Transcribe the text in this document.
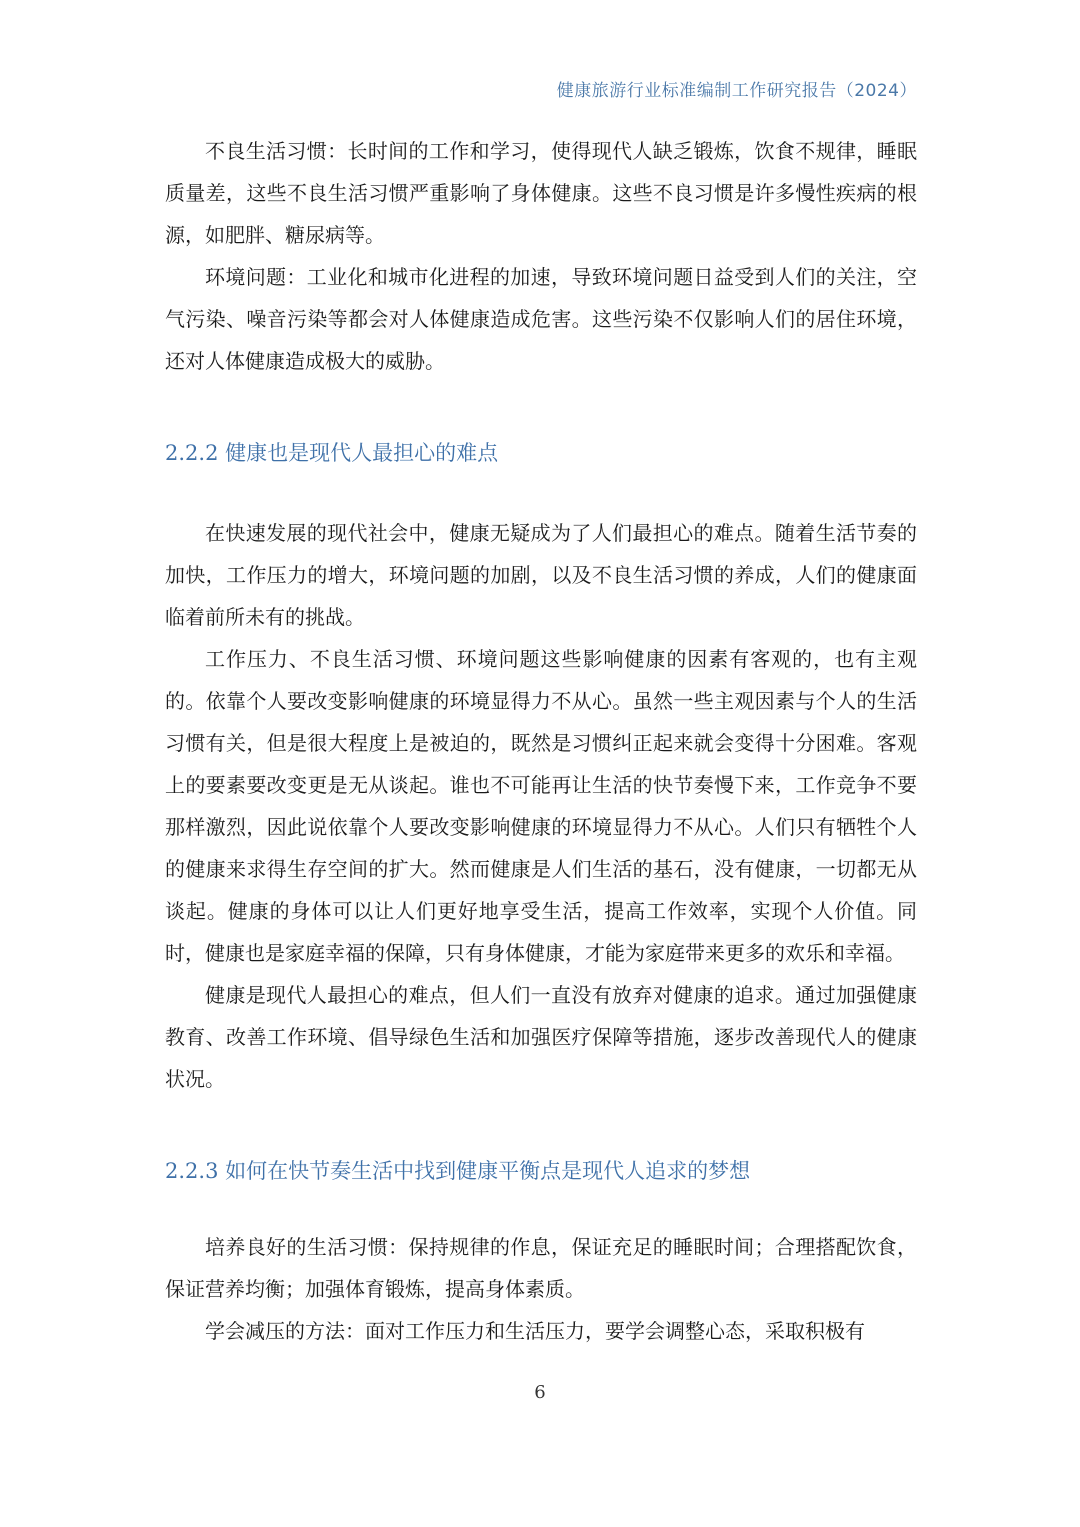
健康旅游行业标准编制工作研究报告（2024）

不良生活习惯：长时间的工作和学习，使得现代人缺乏锻炼，饮食不规律，睡眠质量差，这些不良生活习惯严重影响了身体健康。这些不良习惯是许多慢性疾病的根源，如肥胖、糖尿病等。

环境问题：工业化和城市化进程的加速，导致环境问题日益受到人们的关注，空气污染、噪音污染等都会对人体健康造成危害。这些污染不仅影响人们的居住环境，还对人体健康造成极大的威胁。

2.2.2 健康也是现代人最担心的难点

在快速发展的现代社会中，健康无疑成为了人们最担心的难点。随着生活节奏的加快，工作压力的增大，环境问题的加剧，以及不良生活习惯的养成，人们的健康面临着前所未有的挑战。

工作压力、不良生活习惯、环境问题这些影响健康的因素有客观的，也有主观的。依靠个人要改变影响健康的环境显得力不从心。虽然一些主观因素与个人的生活习惯有关，但是很大程度上是被迫的，既然是习惯纠正起来就会变得十分困难。客观上的要素要改变更是无从谈起。谁也不可能再让生活的快节奏慢下来，工作竞争不要那样激烈，因此说依靠个人要改变影响健康的环境显得力不从心。人们只有牺牲个人的健康来求得生存空间的扩大。然而健康是人们生活的基石，没有健康，一切都无从谈起。健康的身体可以让人们更好地享受生活，提高工作效率，实现个人价值。同时，健康也是家庭幸福的保障，只有身体健康，才能为家庭带来更多的欢乐和幸福。

健康是现代人最担心的难点，但人们一直没有放弃对健康的追求。通过加强健康教育、改善工作环境、倡导绿色生活和加强医疗保障等措施，逐步改善现代人的健康状况。

2.2.3 如何在快节奏生活中找到健康平衡点是现代人追求的梦想

培养良好的生活习惯：保持规律的作息，保证充足的睡眠时间；合理搭配饮食，保证营养均衡；加强体育锻炼，提高身体素质。

学会减压的方法：面对工作压力和生活压力，要学会调整心态，采取积极有

6
